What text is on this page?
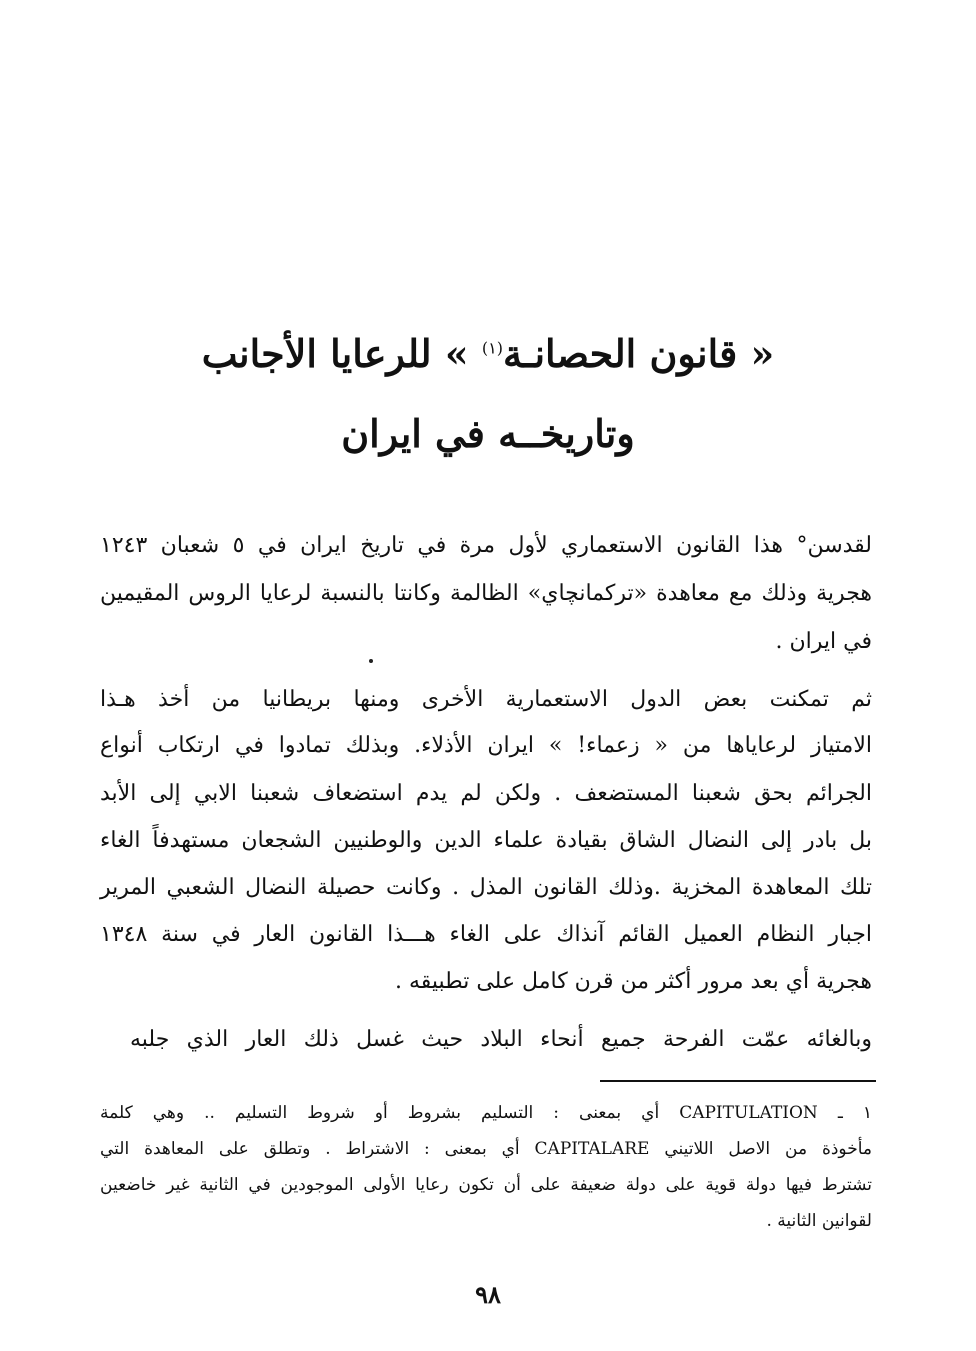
« قانون الحصانـة$^{(١)}$ » للرعايا الأجانب
وتاريخــه في ايران
لقدسن° هذا القانون الاستعماري لأول مرة في تاريخ ايران في ٥ شعبان ١٢٤٣
هجرية وذلك مع معاهدة «تركمانچاي» الظالمة وكانتا بالنسبة لرعايا الروس المقيمين
في ايران .
ثم تمكنت بعض الدول الاستعمارية الأخرى ومنها بريطانيا من أخذ هـذا
الامتياز لرعاياها من « زعماء! » ايران الأذلاء. وبذلك تمادوا في ارتكاب أنواع
الجرائم بحق شعبنا المستضعف . ولكن لم يدم استضعاف شعبنا الابي إلى الأبد
بل بادر إلى النضال الشاق بقيادة علماء الدين والوطنيين الشجعان مستهدفاً الغاء
تلك المعاهدة المخزية .وذلك القانون المذل . وكانت حصيلة النضال الشعبي المرير
اجبار النظام العميل القائم آنذاك على الغاء هـــذا القانون العار في سنة ١٣٤٨
هجرية أي بعد مرور أكثر من قرن كامل على تطبيقه .
وبالغائه عمّت الفرحة جميع أنحاء البلاد حيث غسل ذلك العار الذي جلبه
١ ـ CAPITULATION أي بمعنى : التسليم بشروط أو شروط التسليم .. وهي كلمة
مأخوذة من الاصل اللاتيني CAPITALARE أي بمعنى : الاشتراط . وتطلق على المعاهدة التي
تشترط فيها دولة قوية على دولة ضعيفة على أن تكون رعايا الأولى الموجودين في الثانية غير خاضعين
لقوانين الثانية .
٩٨
